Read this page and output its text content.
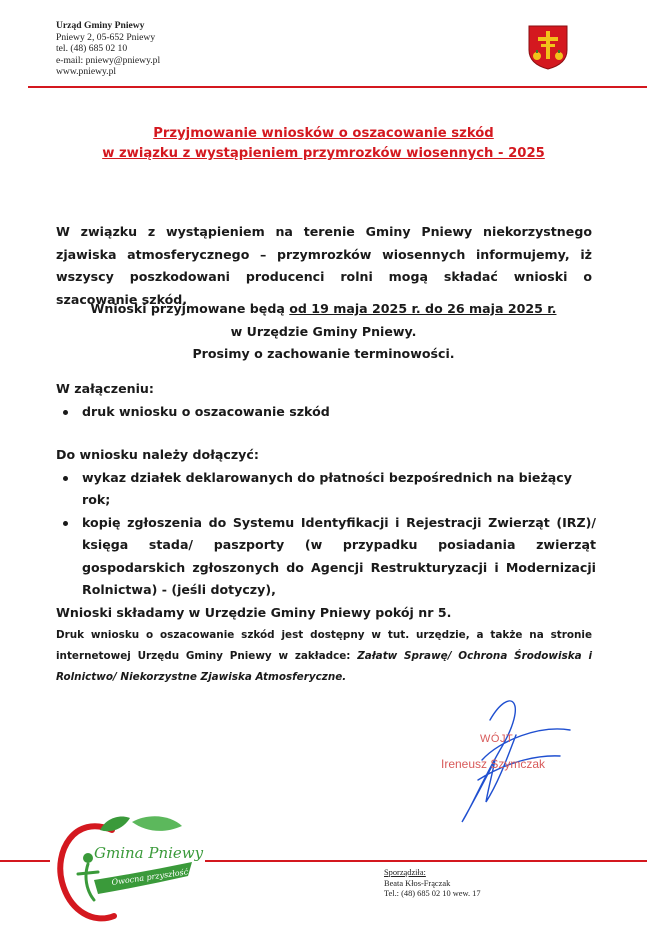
Urząd Gminy Pniewy
Pniewy 2, 05-652 Pniewy
tel. (48) 685 02 10
e-mail: pniewy@pniewy.pl
www.pniewy.pl
Przyjmowanie wniosków o oszacowanie szkód
w związku z wystąpieniem przymrozków wiosennych - 2025
W związku z wystąpieniem na terenie Gminy Pniewy niekorzystnego zjawiska atmosferycznego – przymrozków wiosennych informujemy, iż wszyscy poszkodowani producenci rolni mogą składać wnioski o szacowanie szkód.
Wnioski przyjmowane będą od 19 maja 2025 r. do 26 maja 2025 r.
w Urzędzie Gminy Pniewy.
Prosimy o zachowanie terminowości.
W załączeniu:
druk wniosku o oszacowanie szkód
Do wniosku należy dołączyć:
wykaz działek deklarowanych do płatności bezpośrednich na bieżący rok;
kopię zgłoszenia do Systemu Identyfikacji i Rejestracji Zwierząt (IRZ)/ księga stada/ paszporty (w przypadku posiadania zwierząt gospodarskich zgłoszonych do Agencji Restrukturyzacji i Modernizacji Rolnictwa) - (jeśli dotyczy),
Wnioski składamy w Urzędzie Gminy Pniewy pokój nr 5.
Druk wniosku o oszacowanie szkód jest dostępny w tut. urzędzie, a także na stronie internetowej Urzędu Gminy Pniewy w zakładce: Załatw Sprawę/ Ochrona Środowiska i Rolnictwo/ Niekorzystne Zjawiska Atmosferyczne.
WÓJT
Ireneusz Szymczak
Gmina Pniewy
Owocna przyszłość	Sporządziła:
Beata Kłos-Frączak
Tel.: (48) 685 02 10 wew. 17
